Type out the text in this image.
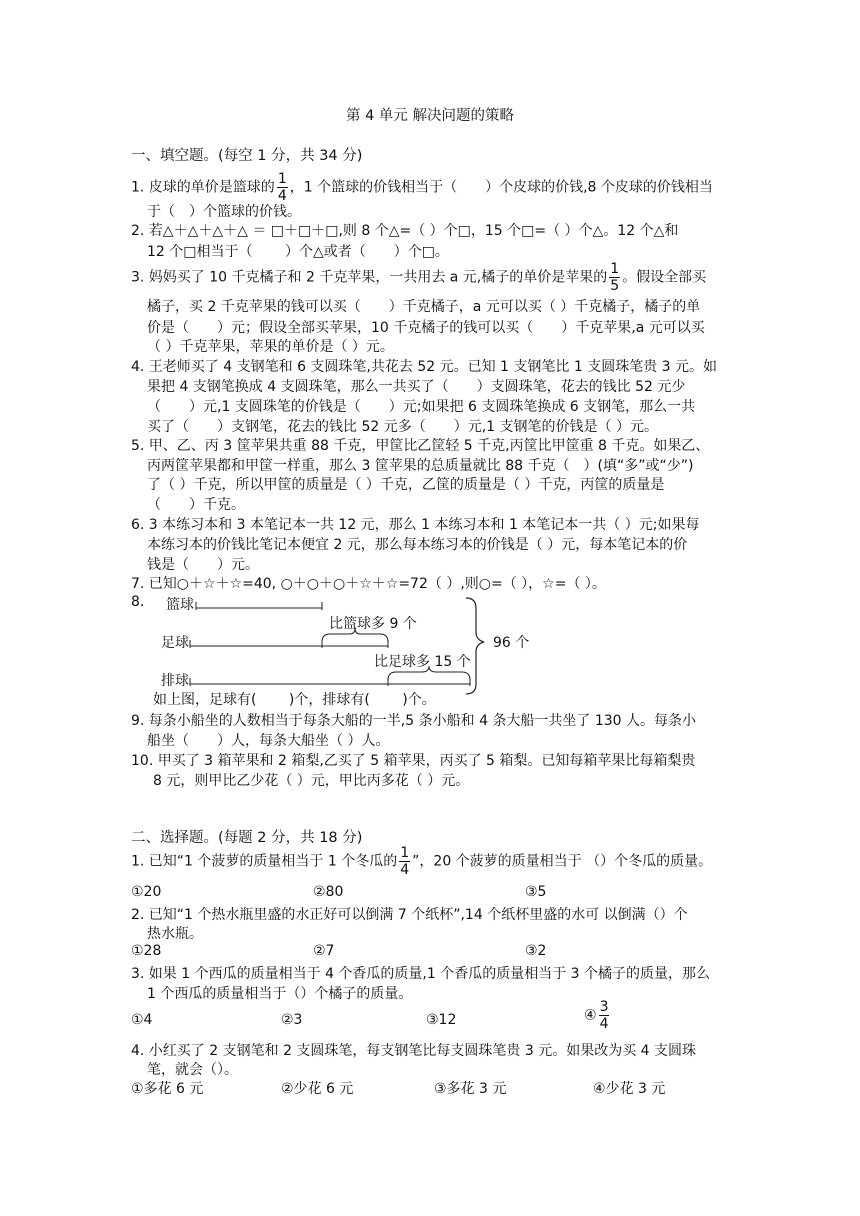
第 4 单元 解决问题的策略
一、填空题。(每空 1 分，共 34 分)
1. 皮球的单价是篮球的 $\frac{1}{4}$ ，1 个篮球的价钱相当于（　　）个皮球的价钱,8 个皮球的价钱相当
于（　）个篮球的价钱。
2. 若△＋△＋△＋△ ＝ □＋□＋□,则 8 个△=（ ）个□，15 个□=（ ）个△。12 个△和
12 个□相当于（　　 ）个△或者（　　）个□。
3. 妈妈买了 10 千克橘子和 2 千克苹果，一共用去 a 元,橘子的单价是苹果的 $\frac{1}{5}$ 。假设全部买
橘子，买 2 千克苹果的钱可以买（　　）千克橘子，a 元可以买（ ）千克橘子，橘子的单
价是（　　）元；假设全部买苹果，10 千克橘子的钱可以买（　　）千克苹果,a 元可以买
（ ）千克苹果，苹果的单价是（ ）元。
4. 王老师买了 4 支钢笔和 6 支圆珠笔,共花去 52 元。已知 1 支钢笔比 1 支圆珠笔贵 3 元。如
果把 4 支钢笔换成 4 支圆珠笔，那么一共买了（　　）支圆珠笔，花去的钱比 52 元少
（　　）元,1 支圆珠笔的价钱是（　　）元;如果把 6 支圆珠笔换成 6 支钢笔，那么一共
买了（　　）支钢笔，花去的钱比 52 元多（　　）元,1 支钢笔的价钱是（ ）元。
5. 甲、乙、丙 3 筐苹果共重 88 千克，甲筐比乙筐轻 5 千克,丙筐比甲筐重 8 千克。如果乙、
丙两筐苹果都和甲筐一样重，那么 3 筐苹果的总质量就比 88 千克（　）(填“多”或“少”)
了（ ）千克，所以甲筐的质量是（ ）千克，乙筐的质量是（ ）千克，丙筐的质量是
（　　）千克。
6. 3 本练习本和 3 本笔记本一共 12 元，那么 1 本练习本和 1 本笔记本一共（ ）元;如果每
本练习本的价钱比笔记本便宜 2 元，那么每本练习本的价钱是（ ）元，每本笔记本的价
钱是（　　）元。
7. 已知○＋☆＋☆=40, ○＋○＋○＋☆＋☆=72（ ）,则○=（ ），☆=（ ）。
8. 篮球
足球
排球
比篮球多 9 个
比足球多 15 个
96 个
如上图，足球有(　　 )个，排球有(　　 )个。
9. 每条小船坐的人数相当于每条大船的一半,5 条小船和 4 条大船一共坐了 130 人。每条小
船坐（　　）人，每条大船坐（ ）人。
10. 甲买了 3 箱苹果和 2 箱梨,乙买了 5 箱苹果，丙买了 5 箱梨。已知每箱苹果比每箱梨贵
8 元，则甲比乙少花（ ）元，甲比丙多花（ ）元。
二、选择题。(每题 2 分，共 18 分)
1. 已知“1 个菠萝的质量相当于 1 个冬瓜的 $\frac{1}{4}$ ”，20 个菠萝的质量相当于 （）个冬瓜的质量。
①20	②80	③5
2. 已知“1 个热水瓶里盛的水正好可以倒满 7 个纸杯”,14 个纸杯里盛的水可 以倒满（）个
热水瓶。
①28	②7	③2
3. 如果 1 个西瓜的质量相当于 4 个香瓜的质量,1 个香瓜的质量相当于 3 个橘子的质量，那么
1 个西瓜的质量相当于（）个橘子的质量。
①4	②3	③12	④ $\frac{3}{4}$
4. 小红买了 2 支钢笔和 2 支圆珠笔，每支钢笔比每支圆珠笔贵 3 元。如果改为买 4 支圆珠
笔，就会（）。
①多花 6 元	②少花 6 元	③多花 3 元	④少花 3 元
